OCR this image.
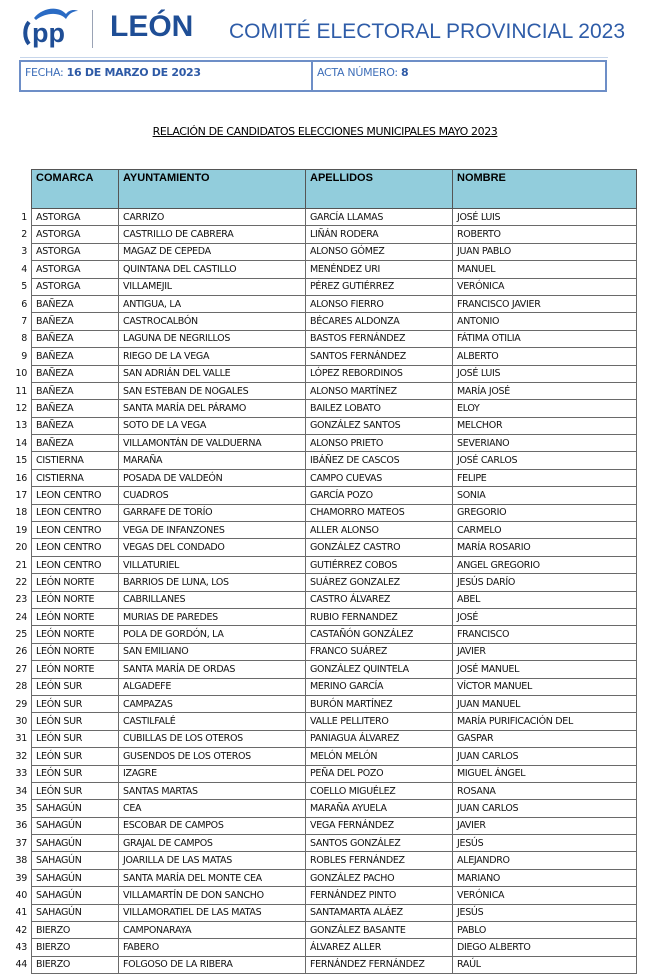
pp LEÓN COMITÉ ELECTORAL PROVINCIAL 2023
FECHA: 16 DE MARZO DE 2023	ACTA NÚMERO: 8
RELACIÓN DE CANDIDATOS ELECCIONES MUNICIPALES MAYO 2023
	COMARCA	AYUNTAMIENTO	APELLIDOS	NOMBRE
1	ASTORGA	CARRIZO	GARCÍA LLAMAS	JOSÉ LUIS
2	ASTORGA	CASTRILLO DE CABRERA	LIÑÁN RODERA	ROBERTO
3	ASTORGA	MAGAZ DE CEPEDA	ALONSO GÓMEZ	JUAN PABLO
4	ASTORGA	QUINTANA DEL CASTILLO	MENÉNDEZ URI	MANUEL
5	ASTORGA	VILLAMEJIL	PÉREZ GUTIÉRREZ	VERÓNICA
6	BAÑEZA	ANTIGUA, LA	ALONSO FIERRO	FRANCISCO JAVIER
7	BAÑEZA	CASTROCALBÓN	BÉCARES ALDONZA	ANTONIO
8	BAÑEZA	LAGUNA DE NEGRILLOS	BASTOS FERNÁNDEZ	FÁTIMA OTILIA
9	BAÑEZA	RIEGO DE LA VEGA	SANTOS FERNÁNDEZ	ALBERTO
10	BAÑEZA	SAN ADRIÁN DEL VALLE	LÓPEZ REBORDINOS	JOSÉ LUIS
11	BAÑEZA	SAN ESTEBAN DE NOGALES	ALONSO MARTÍNEZ	MARÍA JOSÉ
12	BAÑEZA	SANTA MARÍA DEL PÁRAMO	BAILEZ LOBATO	ELOY
13	BAÑEZA	SOTO DE LA VEGA	GONZÁLEZ SANTOS	MELCHOR
14	BAÑEZA	VILLAMONTÁN DE VALDUERNA	ALONSO PRIETO	SEVERIANO
15	CISTIERNA	MARAÑA	IBÁÑEZ DE CASCOS	JOSÉ CARLOS
16	CISTIERNA	POSADA DE VALDEÓN	CAMPO CUEVAS	FELIPE
17	LEON CENTRO	CUADROS	GARCÍA POZO	SONIA
18	LEON CENTRO	GARRAFE DE TORÍO	CHAMORRO MATEOS	GREGORIO
19	LEON CENTRO	VEGA DE INFANZONES	ALLER ALONSO	CARMELO
20	LEON CENTRO	VEGAS DEL CONDADO	GONZÁLEZ CASTRO	MARÍA ROSARIO
21	LEON CENTRO	VILLATURIEL	GUTIÉRREZ COBOS	ANGEL GREGORIO
22	LEÓN NORTE	BARRIOS DE LUNA, LOS	SUÁREZ GONZALEZ	JESÚS DARÍO
23	LEÓN NORTE	CABRILLANES	CASTRO ÁLVAREZ	ABEL
24	LEÓN NORTE	MURIAS DE PAREDES	RUBIO FERNANDEZ	JOSÉ
25	LEÓN NORTE	POLA DE GORDÓN, LA	CASTAÑÓN GONZÁLEZ	FRANCISCO
26	LEÓN NORTE	SAN EMILIANO	FRANCO SUÁREZ	JAVIER
27	LEÓN NORTE	SANTA MARÍA DE ORDAS	GONZÁLEZ QUINTELA	JOSÉ MANUEL
28	LEÓN SUR	ALGADEFE	MERINO GARCÍA	VÍCTOR MANUEL
29	LEÓN SUR	CAMPAZAS	BURÓN MARTÍNEZ	JUAN MANUEL
30	LEÓN SUR	CASTILFALÉ	VALLE PELLITERO	MARÍA PURIFICACIÓN DEL
31	LEÓN SUR	CUBILLAS DE LOS OTEROS	PANIAGUA ÁLVAREZ	GASPAR
32	LEÓN SUR	GUSENDOS DE LOS OTEROS	MELÓN MELÓN	JUAN CARLOS
33	LEÓN SUR	IZAGRE	PEÑA DEL POZO	MIGUEL ÁNGEL
34	LEÓN SUR	SANTAS MARTAS	COELLO MIGUÉLEZ	ROSANA
35	SAHAGÚN	CEA	MARAÑA AYUELA	JUAN CARLOS
36	SAHAGÚN	ESCOBAR DE CAMPOS	VEGA FERNÁNDEZ	JAVIER
37	SAHAGÚN	GRAJAL DE CAMPOS	SANTOS GONZÁLEZ	JESÚS
38	SAHAGÚN	JOARILLA DE LAS MATAS	ROBLES FERNÁNDEZ	ALEJANDRO
39	SAHAGÚN	SANTA MARÍA DEL MONTE CEA	GONZÁLEZ PACHO	MARIANO
40	SAHAGÚN	VILLAMARTÍN DE DON SANCHO	FERNÁNDEZ PINTO	VERÓNICA
41	SAHAGÚN	VILLAMORATIEL DE LAS MATAS	SANTAMARTA ALÁEZ	JESÚS
42	BIERZO	CAMPONARAYA	GONZÁLEZ BASANTE	PABLO
43	BIERZO	FABERO	ÁLVAREZ ALLER	DIEGO ALBERTO
44	BIERZO	FOLGOSO DE LA RIBERA	FERNÁNDEZ FERNÁNDEZ	RAÚL
